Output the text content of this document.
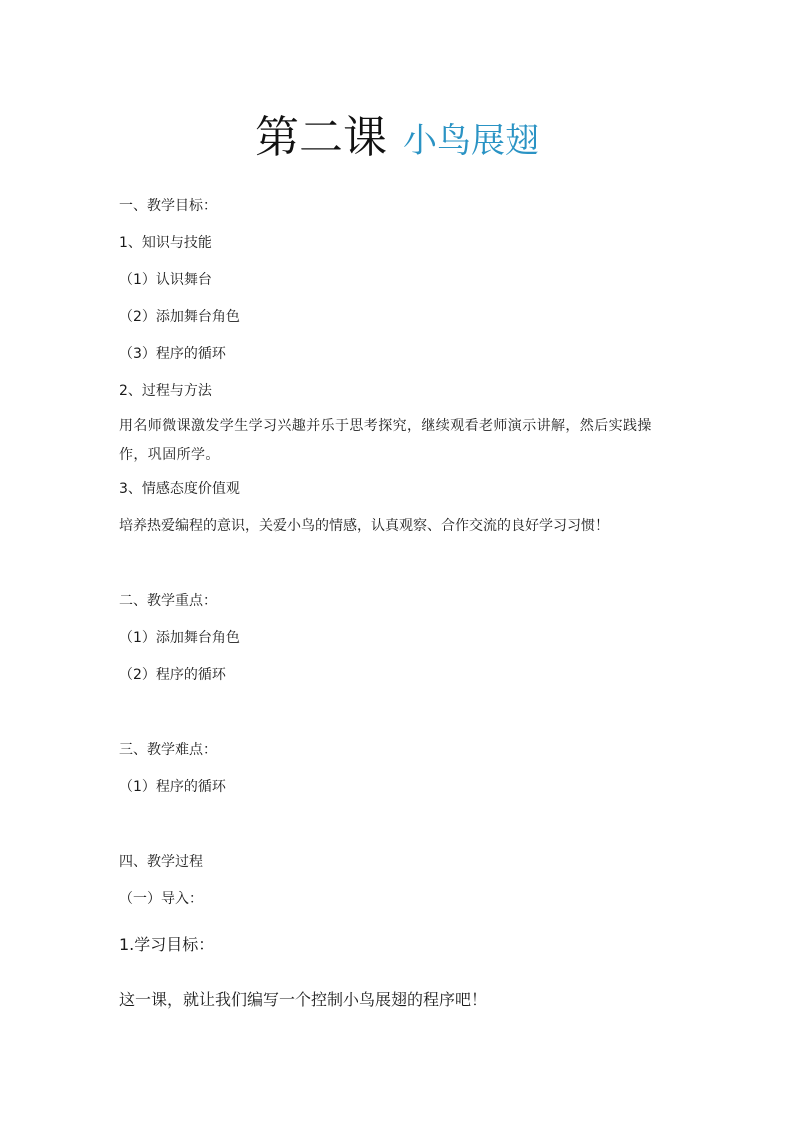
第二课 小鸟展翅
一、教学目标：
1、知识与技能
（1）认识舞台
（2）添加舞台角色
（3）程序的循环
2、过程与方法
用名师微课激发学生学习兴趣并乐于思考探究，继续观看老师演示讲解，然后实践操作，巩固所学。
3、情感态度价值观
培养热爱编程的意识，关爱小鸟的情感，认真观察、合作交流的良好学习习惯！
二、教学重点：
（1）添加舞台角色
（2）程序的循环
三、教学难点：
（1）程序的循环
四、教学过程
（一）导入：
1.学习目标：
这一课，就让我们编写一个控制小鸟展翅的程序吧！
